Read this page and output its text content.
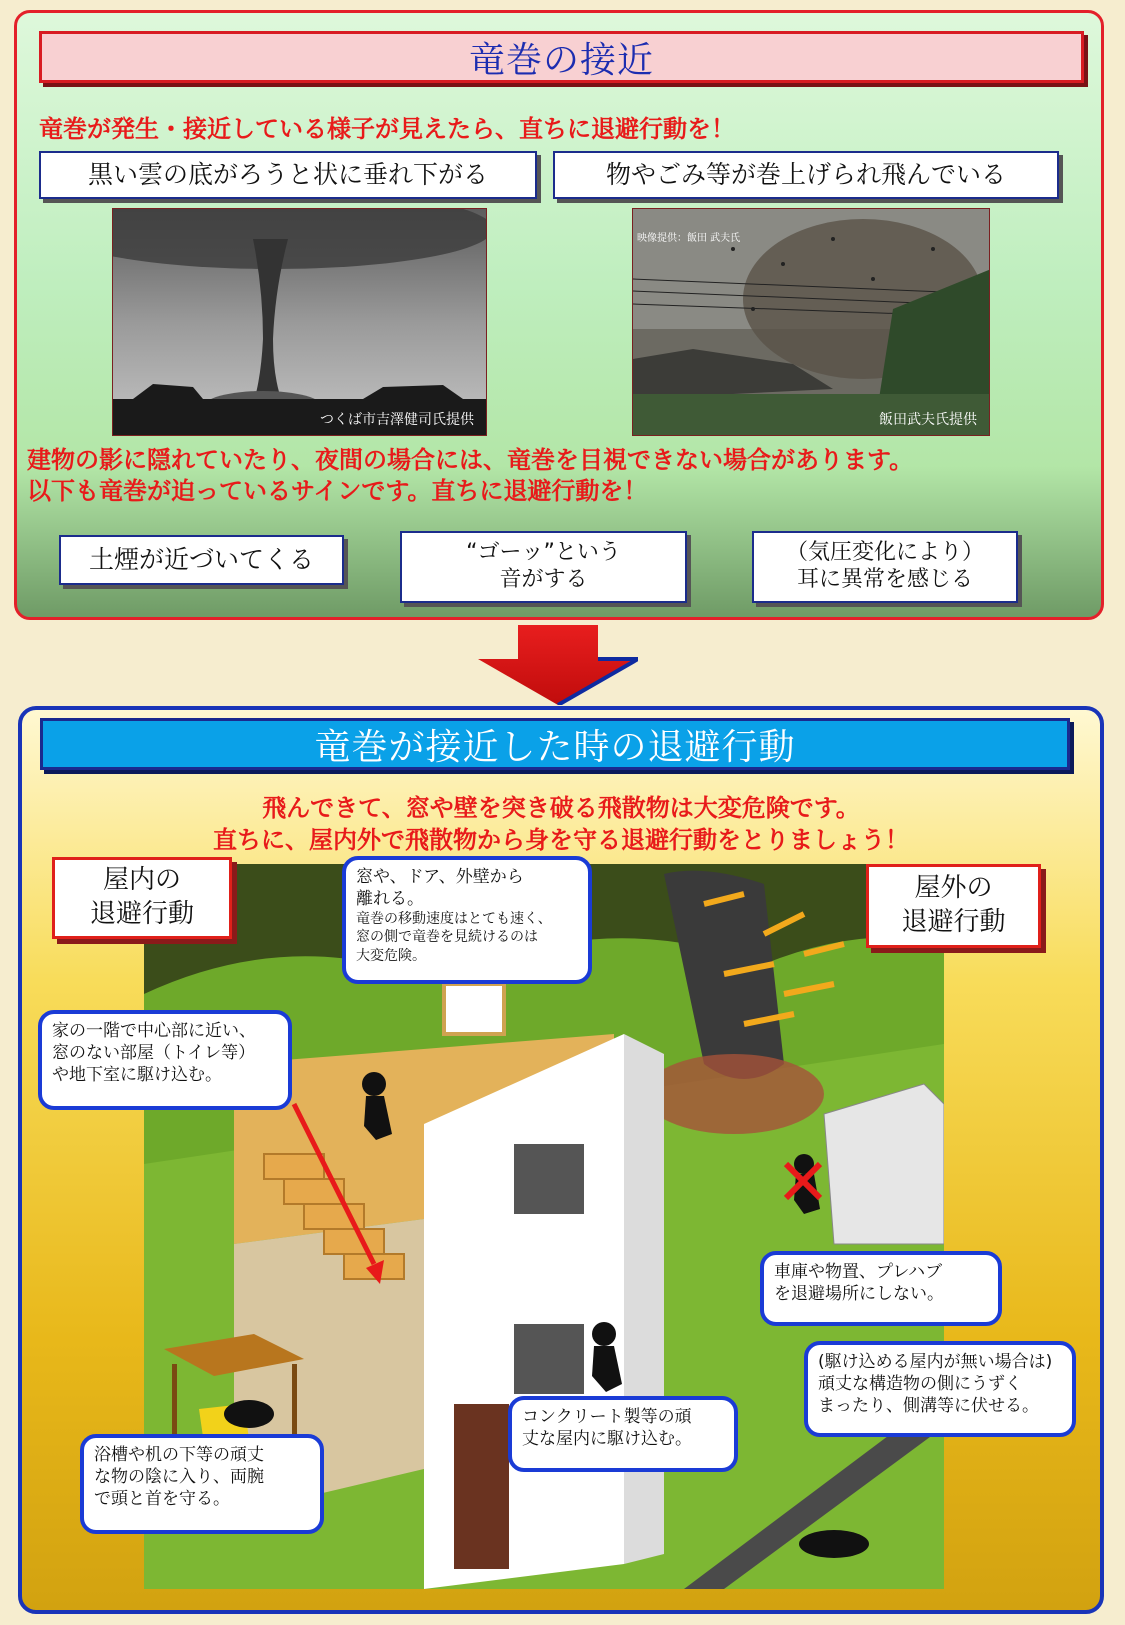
竜巻の接近
竜巻が発生・接近している様子が見えたら、直ちに退避行動を！
黒い雲の底がろうと状に垂れ下がる	物やごみ等が巻上げられ飛んでいる
つくば市吉澤健司氏提供
映像提供：飯田 武夫氏
飯田武夫氏提供
建物の影に隠れていたり、夜間の場合には、竜巻を目視できない場合があります。
以下も竜巻が迫っているサインです。直ちに退避行動を！
土煙が近づいてくる	“ゴーッ”という
音がする
（気圧変化により）
耳に異常を感じる
竜巻が接近した時の退避行動
飛んできて、窓や壁を突き破る飛散物は大変危険です。
直ちに、屋内外で飛散物から身を守る退避行動をとりましょう！
屋内の
退避行動
屋外の
退避行動
窓や、ドア、外壁から
離れる。
竜巻の移動速度はとても速く、
窓の側で竜巻を見続けるのは
大変危険。
家の一階で中心部に近い、
窓のない部屋（トイレ等）
や地下室に駆け込む。
車庫や物置、プレハブ
を退避場所にしない。
(駆け込める屋内が無い場合は)
頑丈な構造物の側にうずく
まったり、側溝等に伏せる。
コンクリート製等の頑
丈な屋内に駆け込む。
浴槽や机の下等の頑丈
な物の陰に入り、両腕
で頭と首を守る。
